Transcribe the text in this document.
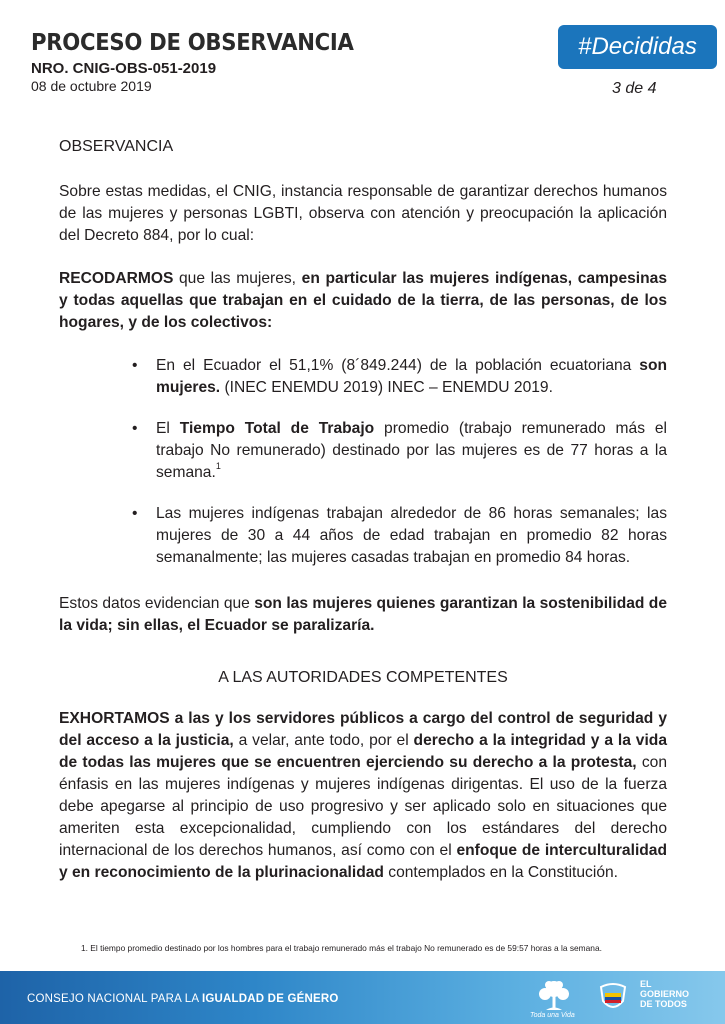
PROCESO DE OBSERVANCIA
NRO. CNIG-OBS-051-2019
08 de octubre 2019
#Decididas
3 de 4

OBSERVANCIA

Sobre estas medidas, el CNIG, instancia responsable de garantizar derechos humanos de las mujeres y personas LGBTI, observa con atención y preocupación la aplicación del Decreto 884, por lo cual:

RECODARMOS que las mujeres, en particular las mujeres indígenas, campesinas y todas aquellas que trabajan en el cuidado de la tierra, de las personas, de los hogares, y de los colectivos:

• En el Ecuador el 51,1% (8´849.244) de la población ecuatoriana son mujeres. (INEC ENEMDU 2019) INEC – ENEMDU 2019.
• El Tiempo Total de Trabajo promedio (trabajo remunerado más el trabajo No remunerado) destinado por las mujeres es de 77 horas a la semana.$^1$
• Las mujeres indígenas trabajan alrededor de 86 horas semanales; las mujeres de 30 a 44 años de edad trabajan en promedio 82 horas semanalmente; las mujeres casadas trabajan en promedio 84 horas.

Estos datos evidencian que son las mujeres quienes garantizan la sostenibilidad de la vida; sin ellas, el Ecuador se paralizaría.

A LAS AUTORIDADES COMPETENTES

EXHORTAMOS a las y los servidores públicos a cargo del control de seguridad y del acceso a la justicia, a velar, ante todo, por el derecho a la integridad y a la vida de todas las mujeres que se encuentren ejerciendo su derecho a la protesta, con énfasis en las mujeres indígenas y mujeres indígenas dirigentas. El uso de la fuerza debe apegarse al principio de uso progresivo y ser aplicado solo en situaciones que ameriten esta excepcionalidad, cumpliendo con los estándares del derecho internacional de los derechos humanos, así como con el enfoque de interculturalidad y en reconocimiento de la plurinacionalidad contemplados en la Constitución.

1. El tiempo promedio destinado por los hombres para el trabajo remunerado más el trabajo No remunerado es de 59:57 horas a la semana.
CONSEJO NACIONAL PARA LA IGUALDAD DE GÉNERO
Toda una Vida
EL
GOBIERNO
DE TODOS
